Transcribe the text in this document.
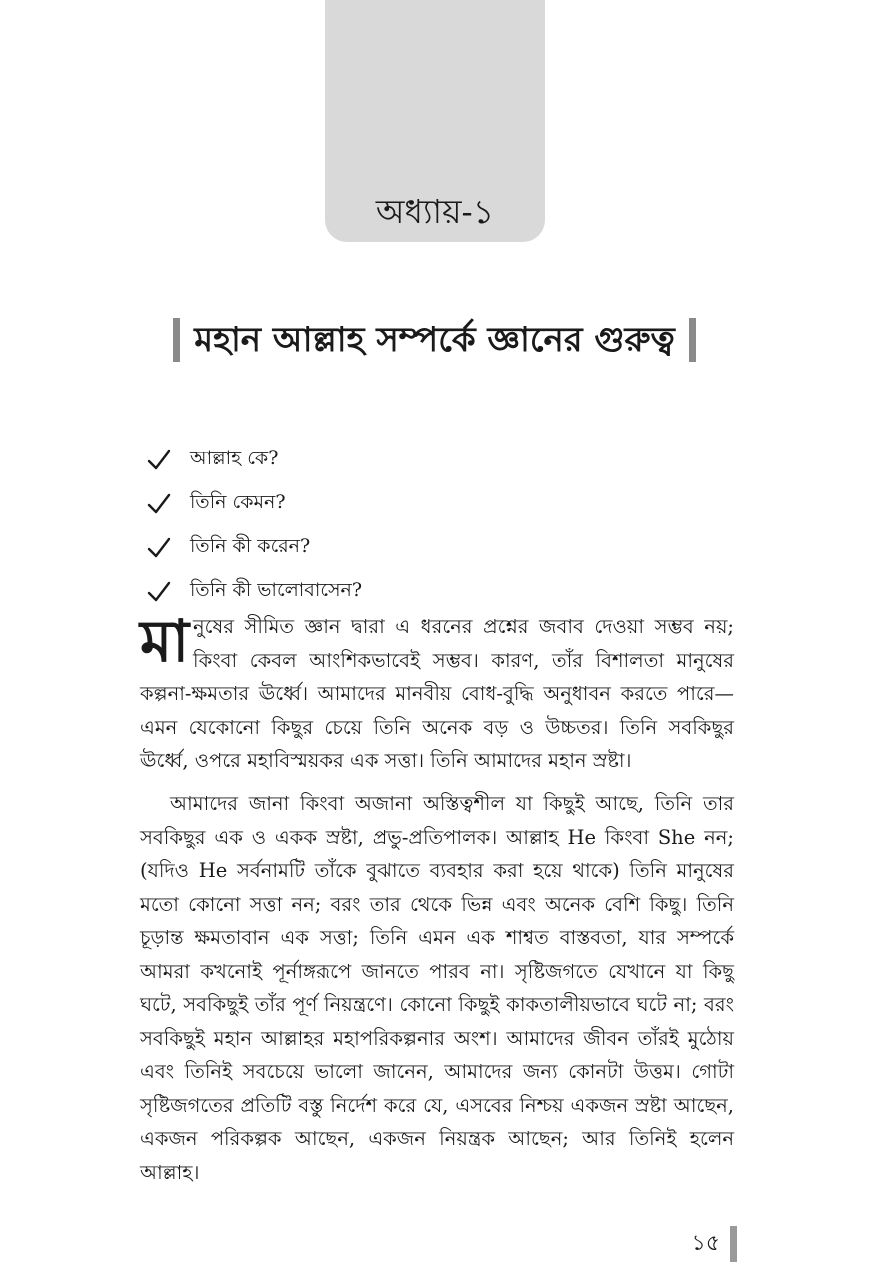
অধ্যায়-১
মহান আল্লাহ সম্পর্কে জ্ঞানের গুরুত্ব
আল্লাহ কে?
তিনি কেমন?
তিনি কী করেন?
তিনি কী ভালোবাসেন?

মানুষের সীমিত জ্ঞান দ্বারা এ ধরনের প্রশ্নের জবাব দেওয়া সম্ভব নয়; কিংবা কেবল আংশিকভাবেই সম্ভব। কারণ, তাঁর বিশালতা মানুষের কল্পনা-ক্ষমতার ঊর্ধ্বে। আমাদের মানবীয় বোধ-বুদ্ধি অনুধাবন করতে পারে—এমন যেকোনো কিছুর চেয়ে তিনি অনেক বড় ও উচ্চতর। তিনি সবকিছুর ঊর্ধ্বে, ওপরে মহাবিস্ময়কর এক সত্তা। তিনি আমাদের মহান স্রষ্টা।

আমাদের জানা কিংবা অজানা অস্তিত্বশীল যা কিছুই আছে, তিনি তার সবকিছুর এক ও একক স্রষ্টা, প্রভু-প্রতিপালক। আল্লাহ He কিংবা She নন; (যদিও He সর্বনামটি তাঁকে বুঝাতে ব্যবহার করা হয়ে থাকে) তিনি মানুষের মতো কোনো সত্তা নন; বরং তার থেকে ভিন্ন এবং অনেক বেশি কিছু। তিনি চূড়ান্ত ক্ষমতাবান এক সত্তা; তিনি এমন এক শাশ্বত বাস্তবতা, যার সম্পর্কে আমরা কখনোই পূর্নাঙ্গরূপে জানতে পারব না। সৃষ্টিজগতে যেখানে যা কিছু ঘটে, সবকিছুই তাঁর পূর্ণ নিয়ন্ত্রণে। কোনো কিছুই কাকতালীয়ভাবে ঘটে না; বরং সবকিছুই মহান আল্লাহর মহাপরিকল্পনার অংশ। আমাদের জীবন তাঁরই মুঠোয় এবং তিনিই সবচেয়ে ভালো জানেন, আমাদের জন্য কোনটা উত্তম। গোটা সৃষ্টিজগতের প্রতিটি বস্তু নির্দেশ করে যে, এসবের নিশ্চয় একজন স্রষ্টা আছেন, একজন পরিকল্পক আছেন, একজন নিয়ন্ত্রক আছেন; আর তিনিই হলেন আল্লাহ।

১৫
